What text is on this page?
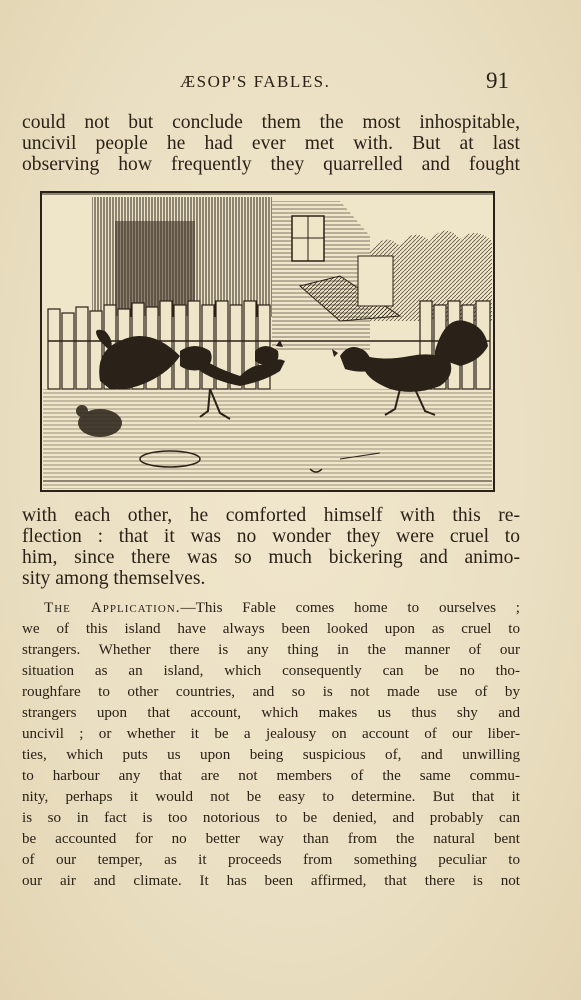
ÆSOP'S FABLES.	91
could not but conclude them the most inhospitable,
uncivil people he had ever met with. But at last
observing how frequently they quarrelled and fought
with each other, he comforted himself with this re-
flection : that it was no wonder they were cruel to
him, since there was so much bickering and animo-
sity among themselves.
The Application.—This Fable comes home to ourselves ;
we of this island have always been looked upon as cruel to
strangers. Whether there is any thing in the manner of our
situation as an island, which consequently can be no tho-
roughfare to other countries, and so is not made use of by
strangers upon that account, which makes us thus shy and
uncivil ; or whether it be a jealousy on account of our liber-
ties, which puts us upon being suspicious of, and unwilling
to harbour any that are not members of the same commu-
nity, perhaps it would not be easy to determine. But that it
is so in fact is too notorious to be denied, and probably can
be accounted for no better way than from the natural bent
of our temper, as it proceeds from something peculiar to
our air and climate. It has been affirmed, that there is not
